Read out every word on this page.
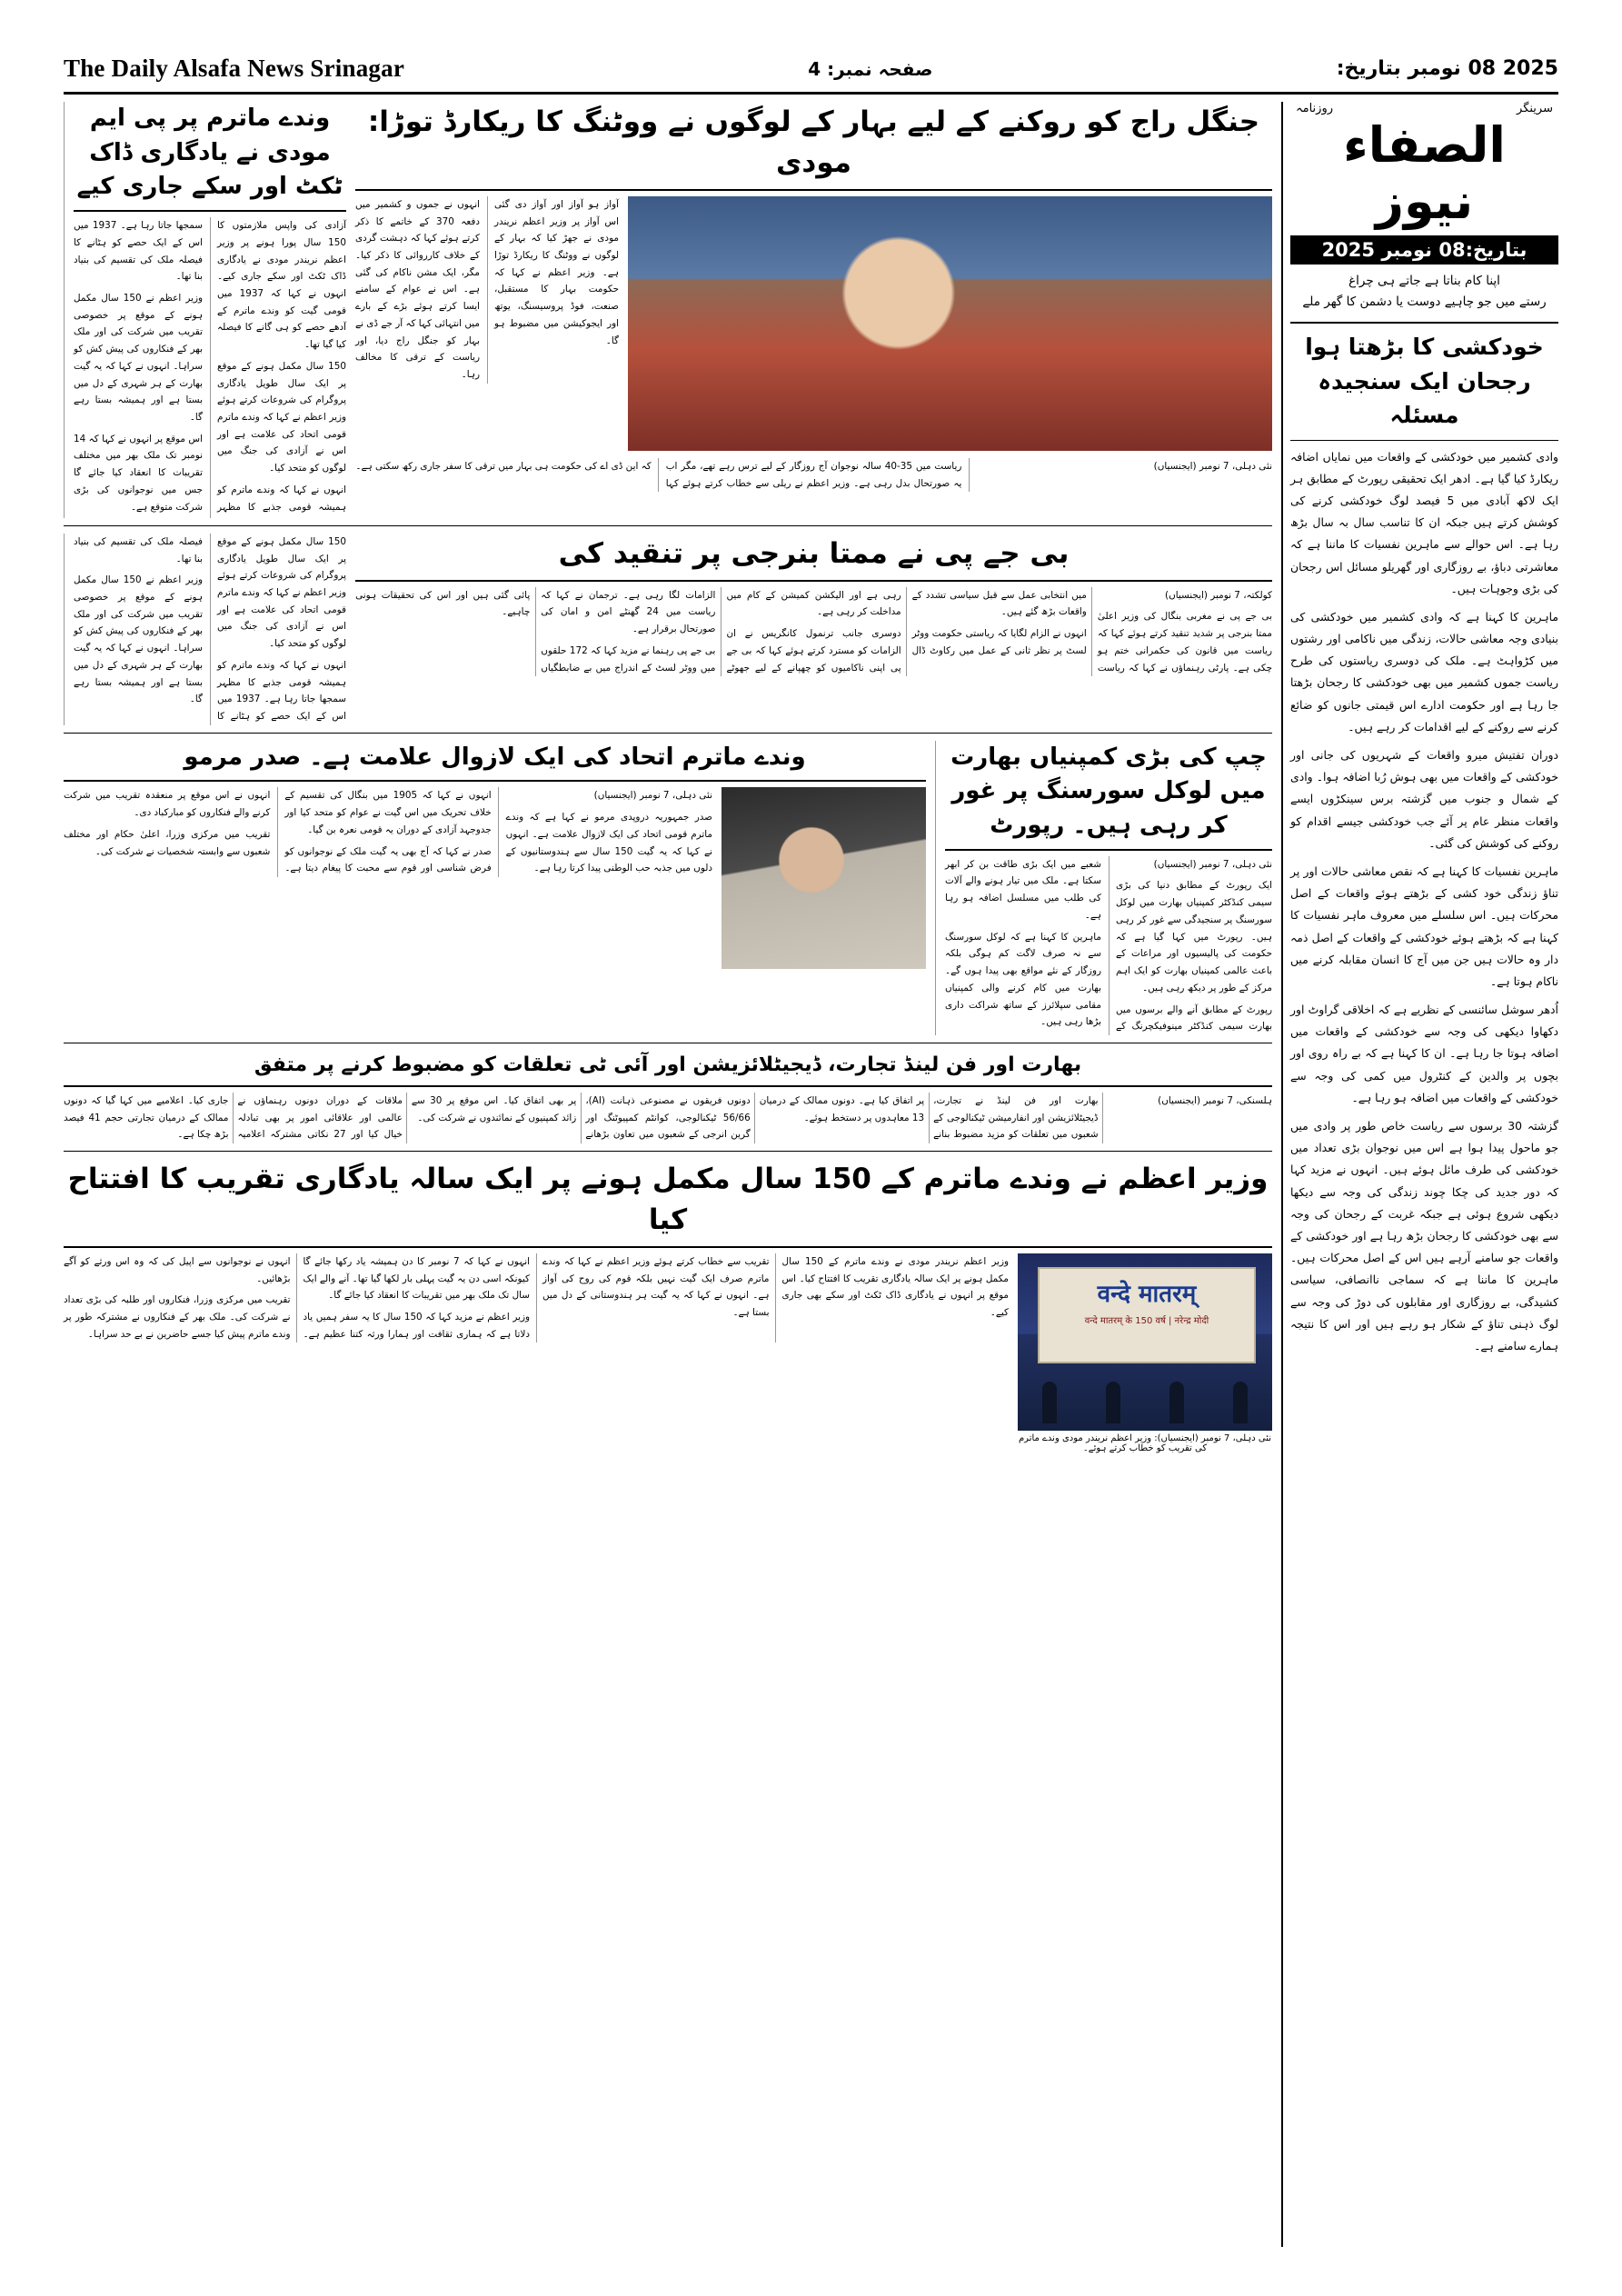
The Daily Alsafa News Srinagar	صفحہ نمبر: 4	2025 08 نومبر بتاریخ:
سرینگر
روزنامہ
الصفاء نیوز
بتاریخ:08 نومبر 2025
اپنا کام بناتا ہے جاتے ہی چراغ
رستے میں جو چاہیے دوست یا دشمن کا گھر ملے
خودکشی کا بڑھتا ہوا رجحان ایک سنجیدہ مسئلہ

وادی کشمیر میں خودکشی کے واقعات میں نمایاں اضافہ ریکارڈ کیا گیا ہے۔ ادھر ایک تحقیقی رپورٹ کے مطابق ہر ایک لاکھ آبادی میں 5 فیصد لوگ خودکشی کرنے کی کوشش کرتے ہیں جبکہ ان کا تناسب سال بہ سال بڑھ رہا ہے۔ اس حوالے سے ماہرین نفسیات کا ماننا ہے کہ معاشرتی دباؤ، بے روزگاری اور گھریلو مسائل اس رجحان کی بڑی وجوہات ہیں۔

ماہرین کا کہنا ہے کہ وادی کشمیر میں خودکشی کی بنیادی وجہ معاشی حالات، زندگی میں ناکامی اور رشتوں میں کڑواہٹ ہے۔ ملک کی دوسری ریاستوں کی طرح ریاست جموں کشمیر میں بھی خودکشی کا رجحان بڑھتا جا رہا ہے اور حکومت ادارے اس قیمتی جانوں کو ضائع کرنے سے روکنے کے لیے اقدامات کر رہے ہیں۔

دوران تفتیش میرو واقعات کے شہریوں کی جانی اور خودکشی کے واقعات میں بھی ہوش رُبا اضافہ ہوا۔ وادی کے شمال و جنوب میں گزشتہ برس سینکڑوں ایسے واقعات منظر عام پر آئے جب خودکشی جیسے اقدام کو روکنے کی کوشش کی گئی۔

ماہرین نفسیات کا کہنا ہے کہ نقص معاشی حالات اور پر تناؤ زندگی خود کشی کے بڑھتے ہوئے واقعات کے اصل محرکات ہیں۔ اس سلسلے میں معروف ماہر نفسیات کا کہنا ہے کہ بڑھتے ہوئے خودکشی کے واقعات کے اصل ذمہ دار وہ حالات ہیں جن میں آج کا انسان مقابلہ کرنے میں ناکام ہوتا ہے۔

اُدھر سوشل سائنسی کے نظریے ہے کہ اخلاقی گراوٹ اور دکھاوا دیکھی کی وجہ سے خودکشی کے واقعات میں اضافہ ہوتا جا رہا ہے۔ ان کا کہنا ہے کہ بے راہ روی اور بچوں پر والدین کے کنٹرول میں کمی کی وجہ سے خودکشی کے واقعات میں اضافہ ہو رہا ہے۔

گزشتہ 30 برسوں سے ریاست خاص طور پر وادی میں جو ماحول پیدا ہوا ہے اس میں نوجوان بڑی تعداد میں خودکشی کی طرف مائل ہوئے ہیں۔ انہوں نے مزید کہا کہ دور جدید کی چکا چوند زندگی کی وجہ سے دیکھا دیکھی شروع ہوئی ہے جبکہ غربت کے رجحان کی وجہ سے بھی خودکشی کا رجحان بڑھ رہا ہے اور خودکشی کے واقعات جو سامنے آرہے ہیں اس کے اصل محرکات ہیں۔ ماہرین کا ماننا ہے کہ سماجی ناانصافی، سیاسی کشیدگی، بے روزگاری اور مقابلوں کی دوڑ کی وجہ سے لوگ ذہنی تناؤ کے شکار ہو رہے ہیں اور اس کا نتیجہ ہمارے سامنے ہے۔

وندے ماترم پر پی ایم مودی نے یادگاری ڈاک ٹکٹ اور سکے جاری کیے

آزادی کی واپس ملازمتوں کا 150 سال پورا ہونے پر وزیر اعظم نریندر مودی نے یادگاری ڈاک ٹکٹ اور سکے جاری کیے۔ انہوں نے کہا کہ 1937 میں قومی گیت کو وندے ماترم کے آدھے حصے کو ہی گانے کا فیصلہ کیا گیا تھا۔

150 سال مکمل ہونے کے موقع پر ایک سال طویل یادگاری پروگرام کی شروعات کرتے ہوئے وزیر اعظم نے کہا کہ وندے ماترم قومی اتحاد کی علامت ہے اور اس نے آزادی کی جنگ میں لوگوں کو متحد کیا۔

انہوں نے کہا کہ وندے ماترم کو ہمیشہ قومی جذبے کا مظہر سمجھا جاتا رہا ہے۔ 1937 میں اس کے ایک حصے کو ہٹانے کا فیصلہ ملک کی تقسیم کی بنیاد بنا تھا۔

وزیر اعظم نے 150 سال مکمل ہونے کے موقع پر خصوصی تقریب میں شرکت کی اور ملک بھر کے فنکاروں کی پیش کش کو سراہا۔ انہوں نے کہا کہ یہ گیت بھارت کے ہر شہری کے دل میں بستا ہے اور ہمیشہ بستا رہے گا۔

اس موقع پر انہوں نے کہا کہ 14 نومبر تک ملک بھر میں مختلف تقریبات کا انعقاد کیا جائے گا جس میں نوجوانوں کی بڑی شرکت متوقع ہے۔

جنگل راج کو روکنے کے لیے بہار کے لوگوں نے ووٹنگ کا ریکارڈ توڑا: مودی

آواز ہو آواز اور آواز دی گئی اس آواز پر وزیر اعظم نریندر مودی نے جھڑ کیا کہ بہار کے لوگوں نے ووٹنگ کا ریکارڈ توڑا ہے۔ وزیر اعظم نے کہا کہ حکومت بہار کا مستقبل، صنعت، فوڈ پروسیسنگ، یوتھ اور ایجوکیشن میں مضبوط ہو گا۔

انہوں نے جموں و کشمیر میں دفعہ 370 کے خاتمے کا ذکر کرتے ہوئے کہا کہ دہشت گردی کے خلاف کارروائی کا ذکر کیا۔ مگر، ایک مشن ناکام کی گئی ہے۔ اس نے عوام کے سامنے ایسا کرتے ہوئے بڑے کے بارے میں انتہائی کہا کہ آر جے ڈی نے بہار کو جنگل راج دیا، اور ریاست کے ترقی کا مخالف رہا۔

نئی دہلی، 7 نومبر (ایجنسیاں)

ریاست میں 35-40 سالہ نوجوان آج روزگار کے لیے ترس رہے تھے، مگر اب یہ صورتحال بدل رہی ہے۔ وزیر اعظم نے ریلی سے خطاب کرتے ہوئے کہا کہ این ڈی اے کی حکومت ہی بہار میں ترقی کا سفر جاری رکھ سکتی ہے۔

150 سال مکمل ہونے کے موقع پر ایک سال طویل یادگاری پروگرام کی شروعات کرتے ہوئے وزیر اعظم نے کہا کہ وندے ماترم قومی اتحاد کی علامت ہے اور اس نے آزادی کی جنگ میں لوگوں کو متحد کیا۔

انہوں نے کہا کہ وندے ماترم کو ہمیشہ قومی جذبے کا مظہر سمجھا جاتا رہا ہے۔ 1937 میں اس کے ایک حصے کو ہٹانے کا فیصلہ ملک کی تقسیم کی بنیاد بنا تھا۔

وزیر اعظم نے 150 سال مکمل ہونے کے موقع پر خصوصی تقریب میں شرکت کی اور ملک بھر کے فنکاروں کی پیش کش کو سراہا۔ انہوں نے کہا کہ یہ گیت بھارت کے ہر شہری کے دل میں بستا ہے اور ہمیشہ بستا رہے گا۔

بی جے پی نے ممتا بنرجی پر تنقید کی

کولکتہ، 7 نومبر (ایجنسیاں)

بی جے پی نے مغربی بنگال کی وزیر اعلیٰ ممتا بنرجی پر شدید تنقید کرتے ہوئے کہا کہ ریاست میں قانون کی حکمرانی ختم ہو چکی ہے۔ پارٹی رہنماؤں نے کہا کہ ریاست میں انتخابی عمل سے قبل سیاسی تشدد کے واقعات بڑھ گئے ہیں۔

انہوں نے الزام لگایا کہ ریاستی حکومت ووٹر لسٹ پر نظر ثانی کے عمل میں رکاوٹ ڈال رہی ہے اور الیکشن کمیشن کے کام میں مداخلت کر رہی ہے۔

دوسری جانب ترنمول کانگریس نے ان الزامات کو مسترد کرتے ہوئے کہا کہ بی جے پی اپنی ناکامیوں کو چھپانے کے لیے جھوٹے الزامات لگا رہی ہے۔ ترجمان نے کہا کہ ریاست میں 24 گھنٹے امن و امان کی صورتحال برقرار ہے۔

بی جے پی رہنما نے مزید کہا کہ 172 حلقوں میں ووٹر لسٹ کے اندراج میں بے ضابطگیاں پائی گئی ہیں اور اس کی تحقیقات ہونی چاہیے۔

چپ کی بڑی کمپنیاں بھارت میں لوکل سورسنگ پر غور کر رہی ہیں۔ رپورٹ

نئی دہلی، 7 نومبر (ایجنسیاں)

ایک رپورٹ کے مطابق دنیا کی بڑی سیمی کنڈکٹر کمپنیاں بھارت میں لوکل سورسنگ پر سنجیدگی سے غور کر رہی ہیں۔ رپورٹ میں کہا گیا ہے کہ حکومت کی پالیسیوں اور مراعات کے باعث عالمی کمپنیاں بھارت کو ایک اہم مرکز کے طور پر دیکھ رہی ہیں۔

رپورٹ کے مطابق آنے والے برسوں میں بھارت سیمی کنڈکٹر مینوفیکچرنگ کے شعبے میں ایک بڑی طاقت بن کر ابھر سکتا ہے۔ ملک میں تیار ہونے والے آلات کی طلب میں مسلسل اضافہ ہو رہا ہے۔

ماہرین کا کہنا ہے کہ لوکل سورسنگ سے نہ صرف لاگت کم ہوگی بلکہ روزگار کے نئے مواقع بھی پیدا ہوں گے۔ بھارت میں کام کرنے والی کمپنیاں مقامی سپلائرز کے ساتھ شراکت داری بڑھا رہی ہیں۔

وندے ماترم اتحاد کی ایک لازوال علامت ہے۔ صدر مرمو

نئی دہلی، 7 نومبر (ایجنسیاں)

صدر جمہوریہ دروپدی مرمو نے کہا ہے کہ وندے ماترم قومی اتحاد کی ایک لازوال علامت ہے۔ انہوں نے کہا کہ یہ گیت 150 سال سے ہندوستانیوں کے دلوں میں جذبہ حب الوطنی پیدا کرتا رہا ہے۔

انہوں نے کہا کہ 1905 میں بنگال کی تقسیم کے خلاف تحریک میں اس گیت نے عوام کو متحد کیا اور جدوجہد آزادی کے دوران یہ قومی نعرہ بن گیا۔

صدر نے کہا کہ آج بھی یہ گیت ملک کے نوجوانوں کو فرض شناسی اور قوم سے محبت کا پیغام دیتا ہے۔ انہوں نے اس موقع پر منعقدہ تقریب میں شرکت کرنے والے فنکاروں کو مبارکباد دی۔

تقریب میں مرکزی وزرا، اعلیٰ حکام اور مختلف شعبوں سے وابستہ شخصیات نے شرکت کی۔

بھارت اور فن لینڈ تجارت، ڈیجیٹلائزیشن اور آئی ٹی تعلقات کو مضبوط کرنے پر متفق

ہلسنکی، 7 نومبر (ایجنسیاں)

بھارت اور فن لینڈ نے تجارت، ڈیجیٹلائزیشن اور انفارمیشن ٹیکنالوجی کے شعبوں میں تعلقات کو مزید مضبوط بنانے پر اتفاق کیا ہے۔ دونوں ممالک کے درمیان 13 معاہدوں پر دستخط ہوئے۔

دونوں فریقوں نے مصنوعی ذہانت (AI)، 56/66 ٹیکنالوجی، کوانٹم کمپیوٹنگ اور گرین انرجی کے شعبوں میں تعاون بڑھانے پر بھی اتفاق کیا۔ اس موقع پر 30 سے زائد کمپنیوں کے نمائندوں نے شرکت کی۔

ملاقات کے دوران دونوں رہنماؤں نے عالمی اور علاقائی امور پر بھی تبادلہ خیال کیا اور 27 نکاتی مشترکہ اعلامیہ جاری کیا۔ اعلامیے میں کہا گیا کہ دونوں ممالک کے درمیان تجارتی حجم 41 فیصد بڑھ چکا ہے۔

وزیر اعظم نے وندے ماترم کے 150 سال مکمل ہونے پر ایک سالہ یادگاری تقریب کا افتتاح کیا
वन्दे मातरम्
वन्दे मातरम् के 150 वर्ष | नरेन्द्र मोदी
نئی دہلی، 7 نومبر (ایجنسیاں): وزیر اعظم نریندر مودی وندے ماترم کی تقریب کو خطاب کرتے ہوئے۔

وزیر اعظم نریندر مودی نے وندے ماترم کے 150 سال مکمل ہونے پر ایک سالہ یادگاری تقریب کا افتتاح کیا۔ اس موقع پر انہوں نے یادگاری ڈاک ٹکٹ اور سکے بھی جاری کیے۔

تقریب سے خطاب کرتے ہوئے وزیر اعظم نے کہا کہ وندے ماترم صرف ایک گیت نہیں بلکہ قوم کی روح کی آواز ہے۔ انہوں نے کہا کہ یہ گیت ہر ہندوستانی کے دل میں بستا ہے۔

انہوں نے کہا کہ 7 نومبر کا دن ہمیشہ یاد رکھا جائے گا کیونکہ اسی دن یہ گیت پہلی بار لکھا گیا تھا۔ آنے والے ایک سال تک ملک بھر میں تقریبات کا انعقاد کیا جائے گا۔

وزیر اعظم نے مزید کہا کہ 150 سال کا یہ سفر ہمیں یاد دلاتا ہے کہ ہماری ثقافت اور ہمارا ورثہ کتنا عظیم ہے۔ انہوں نے نوجوانوں سے اپیل کی کہ وہ اس ورثے کو آگے بڑھائیں۔

تقریب میں مرکزی وزرا، فنکاروں اور طلبہ کی بڑی تعداد نے شرکت کی۔ ملک بھر کے فنکاروں نے مشترکہ طور پر وندے ماترم پیش کیا جسے حاضرین نے بے حد سراہا۔
